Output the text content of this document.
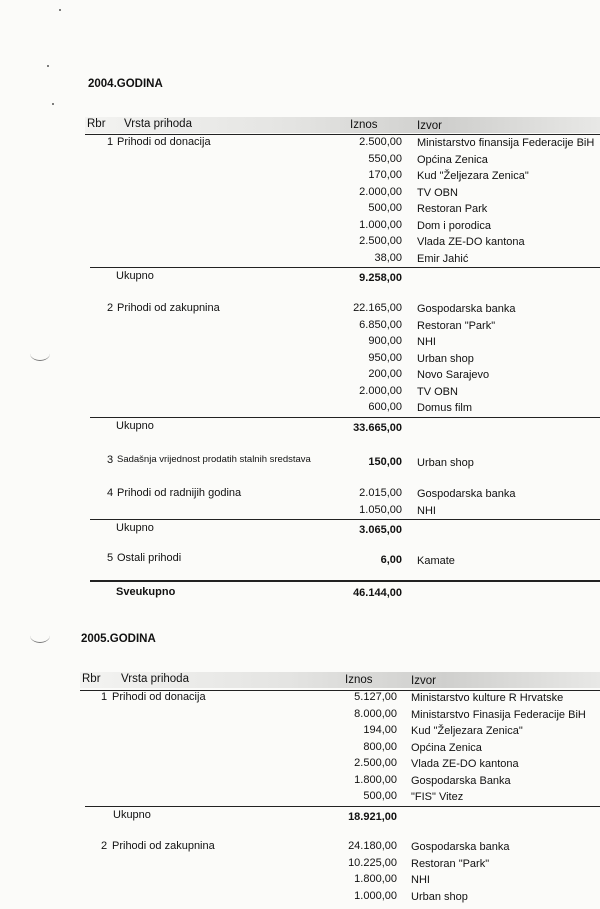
2004.GODINA
Rbr Vrsta prihoda	Iznos	Izvor
1 Prihodi od donacija	2.500,00 Ministarstvo finansija Federacije BiH
550,00 Općina Zenica
170,00 Kud "Željezara Zenica"
2.000,00 TV OBN
500,00 Restoran Park
1.000,00 Dom i porodica
2.500,00 Vlada ZE-DO kantona
38,00 Emir Jahić
Ukupno	9.258,00
2 Prihodi od zakupnina	22.165,00 Gospodarska banka
6.850,00 Restoran "Park"
900,00 NHI
950,00 Urban shop
200,00 Novo Sarajevo
2.000,00 TV OBN
600,00 Domus film
Ukupno	33.665,00
3 Sadašnja vrijednost prodatih stalnih sredstava	150,00 Urban shop
4 Prihodi od radnijih godina	2.015,00 Gospodarska banka
1.050,00 NHI
Ukupno	3.065,00
5 Ostali prihodi	6,00 Kamate
Sveukupno	46.144,00
2005.GODINA
Rbr Vrsta prihoda	Iznos	Izvor
1 Prihodi od donacija	5.127,00 Ministarstvo kulture R Hrvatske
8.000,00 Ministarstvo Finasija Federacije BiH
194,00 Kud "Željezara Zenica"
800,00 Općina Zenica
2.500,00 Vlada ZE-DO kantona
1.800,00 Gospodarska Banka
500,00 "FIS" Vitez
Ukupno	18.921,00
2 Prihodi od zakupnina	24.180,00 Gospodarska banka
10.225,00 Restoran "Park"
1.800,00 NHI
1.000,00 Urban shop
